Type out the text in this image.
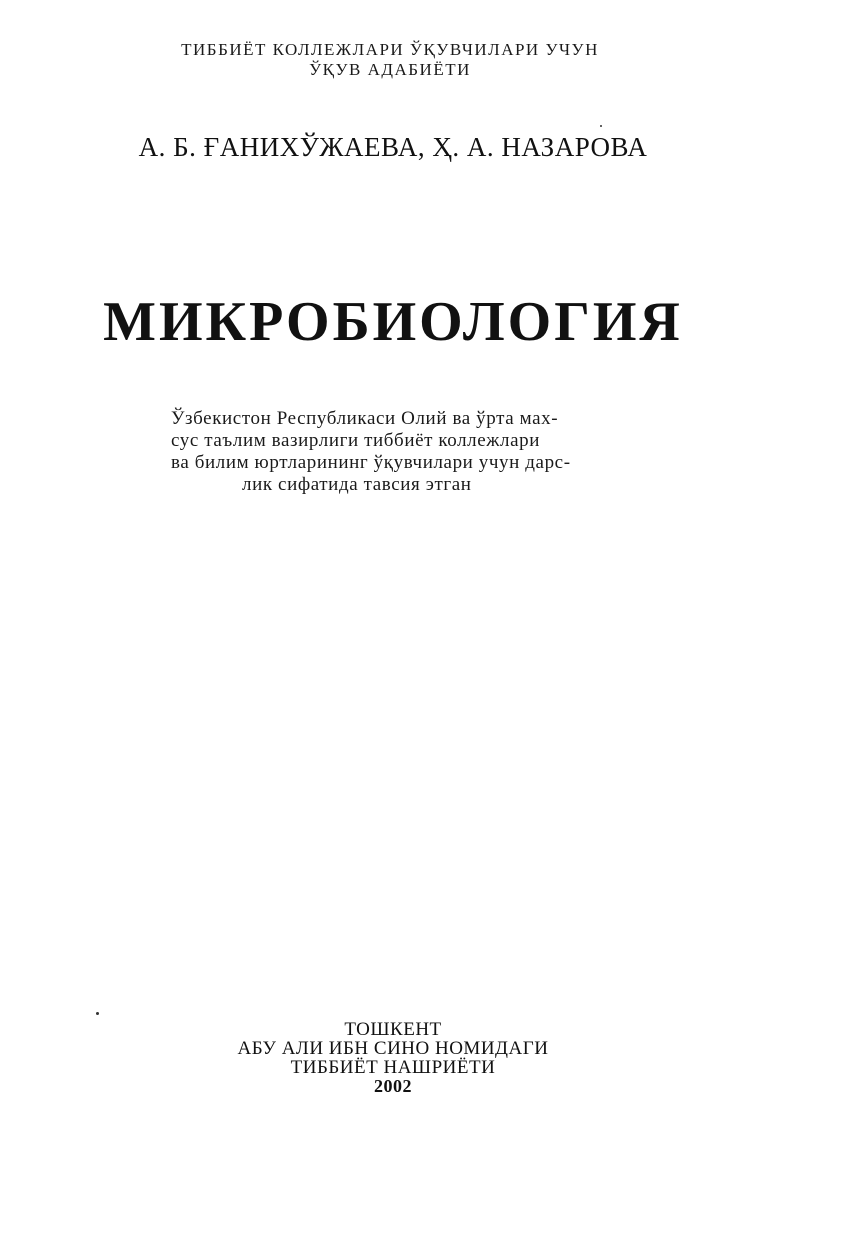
ТИББИЁТ КОЛЛЕЖЛАРИ ЎҚУВЧИЛАРИ УЧУН
ЎҚУВ АДАБИЁТИ
А. Б. ҒАНИХЎЖАЕВА, Ҳ. А. НАЗАРОВА
МИКРОБИОЛОГИЯ
Ўзбекистон Республикаси Олий ва ўрта мах-
сус таълим вазирлиги тиббиёт коллежлари
ва билим юртларининг ўқувчилари учун дарс-
лик сифатида тавсия этган
ТОШКЕНТ
АБУ АЛИ ИБН СИНО НОМИДАГИ
ТИББИЁТ НАШРИЁТИ
2002
